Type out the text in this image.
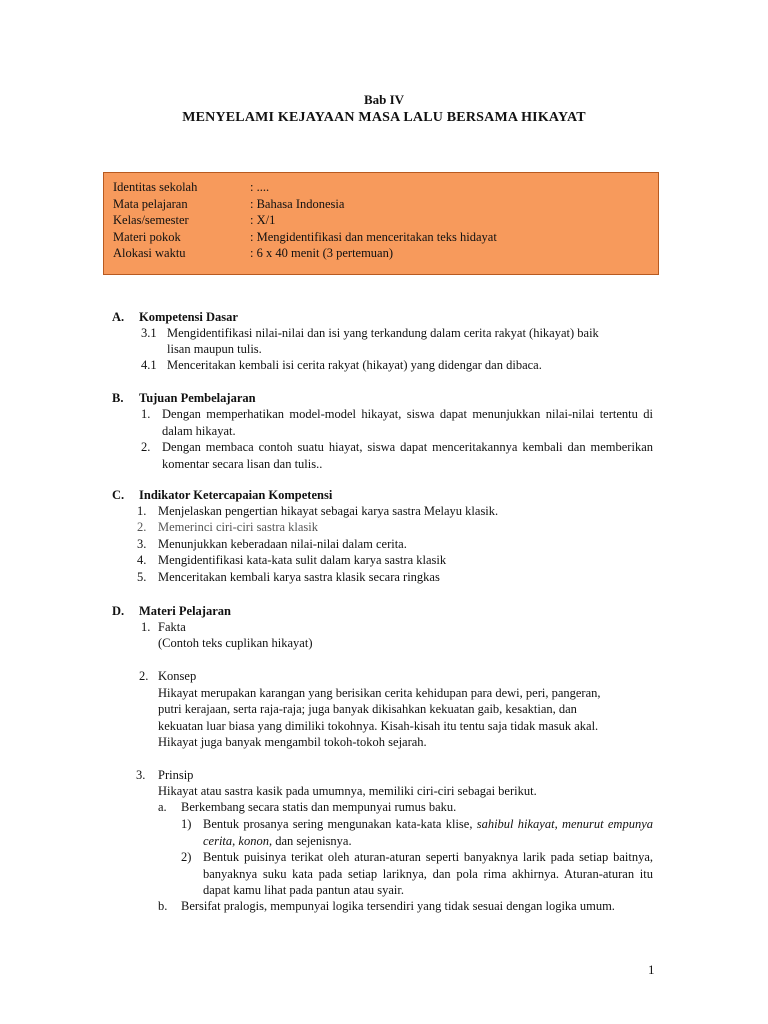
Bab IV
MENYELAMI KEJAYAAN MASA LALU BERSAMA HIKAYAT
Identitas sekolah	: ....
Mata pelajaran	: Bahasa Indonesia
Kelas/semester	: X/1
Materi pokok	: Mengidentifikasi dan menceritakan teks hidayat
Alokasi waktu	: 6 x 40 menit (3 pertemuan)
A. Kompetensi Dasar
3.1 Mengidentifikasi nilai-nilai dan isi yang terkandung dalam cerita rakyat (hikayat) baik
lisan maupun tulis.
4.1 Menceritakan kembali isi cerita rakyat (hikayat) yang didengar dan dibaca.
B. Tujuan Pembelajaran
1. Dengan memperhatikan model-model hikayat, siswa dapat menunjukkan nilai-nilai tertentu di dalam hikayat.
2. Dengan membaca contoh suatu hiayat, siswa dapat menceritakannya kembali dan memberikan komentar secara lisan dan tulis..
C. Indikator Ketercapaian Kompetensi
1. Menjelaskan pengertian hikayat sebagai karya sastra Melayu klasik.
2. Memerinci ciri-ciri sastra klasik
3. Menunjukkan keberadaan nilai-nilai dalam cerita.
4. Mengidentifikasi kata-kata sulit dalam karya sastra klasik
5. Menceritakan kembali karya sastra klasik secara ringkas
D. Materi Pelajaran
1. Fakta
(Contoh teks cuplikan hikayat)
2. Konsep
Hikayat merupakan karangan yang berisikan cerita kehidupan para dewi, peri, pangeran,
putri kerajaan, serta raja-raja; juga banyak dikisahkan kekuatan gaib, kesaktian, dan
kekuatan luar biasa yang dimiliki tokohnya. Kisah-kisah itu tentu saja tidak masuk akal.
Hikayat juga banyak mengambil tokoh-tokoh sejarah.
3. Prinsip
Hikayat atau sastra kasik pada umumnya, memiliki ciri-ciri sebagai berikut.
a. Berkembang secara statis dan mempunyai rumus baku.
1) Bentuk prosanya sering mengunakan kata-kata klise, sahibul hikayat, menurut empunya cerita, konon, dan sejenisnya.
2) Bentuk puisinya terikat oleh aturan-aturan seperti banyaknya larik pada setiap baitnya, banyaknya suku kata pada setiap lariknya, dan pola rima akhirnya. Aturan-aturan itu dapat kamu lihat pada pantun atau syair.
b. Bersifat pralogis, mempunyai logika tersendiri yang tidak sesuai dengan logika umum.
1
